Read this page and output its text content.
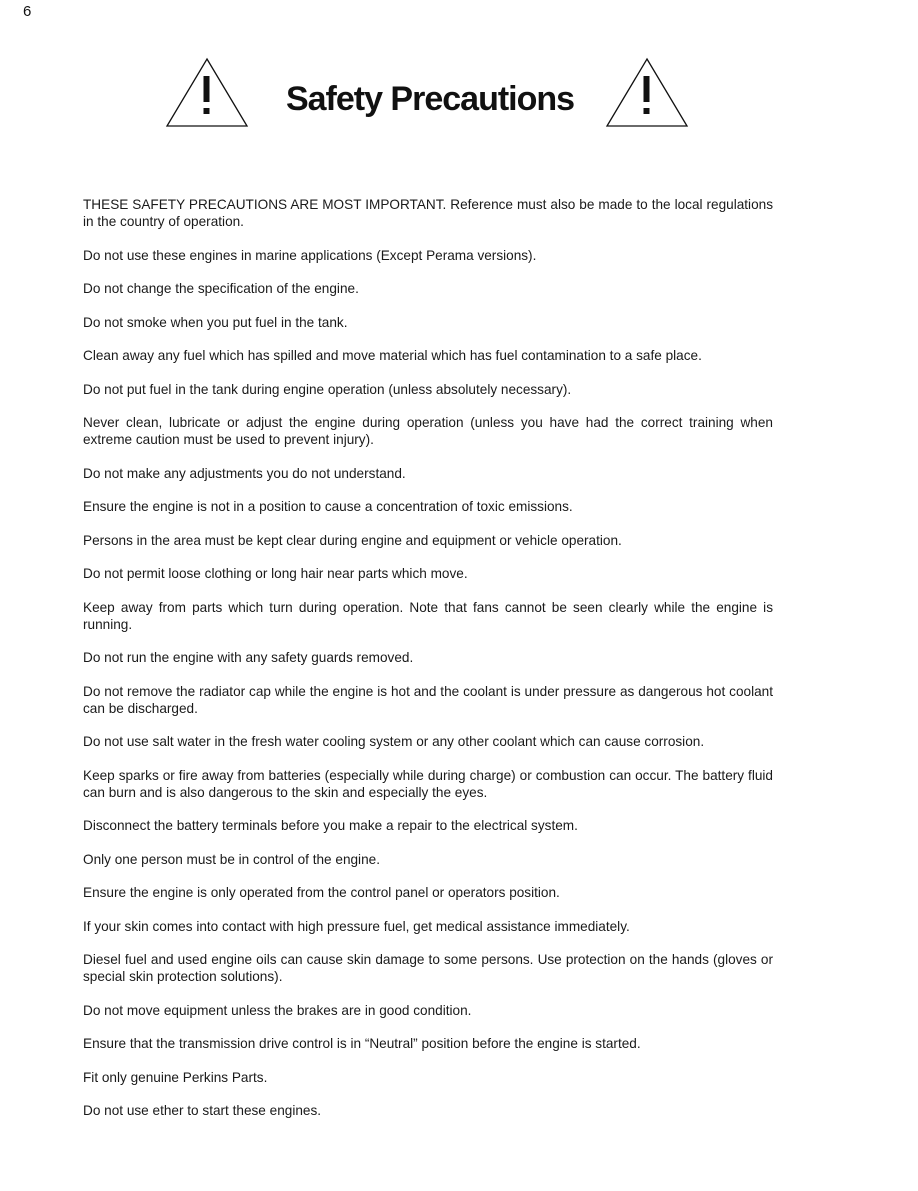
6
Safety Precautions

THESE SAFETY PRECAUTIONS ARE MOST IMPORTANT. Reference must also be made to the local regulations in the country of operation.

Do not use these engines in marine applications (Except Perama versions).

Do not change the specification of the engine.

Do not smoke when you put fuel in the tank.

Clean away any fuel which has spilled and move material which has fuel contamination to a safe place.

Do not put fuel in the tank during engine operation (unless absolutely necessary).

Never clean, lubricate or adjust the engine during operation (unless you have had the correct training when extreme caution must be used to prevent injury).

Do not make any adjustments you do not understand.

Ensure the engine is not in a position to cause a concentration of toxic emissions.

Persons in the area must be kept clear during engine and equipment or vehicle operation.

Do not permit loose clothing or long hair near parts which move.

Keep away from parts which turn during operation. Note that fans cannot be seen clearly while the engine is running.

Do not run the engine with any safety guards removed.

Do not remove the radiator cap while the engine is hot and the coolant is under pressure as dangerous hot coolant can be discharged.

Do not use salt water in the fresh water cooling system or any other coolant which can cause corrosion.

Keep sparks or fire away from batteries (especially while during charge) or combustion can occur. The battery fluid can burn and is also dangerous to the skin and especially the eyes.

Disconnect the battery terminals before you make a repair to the electrical system.

Only one person must be in control of the engine.

Ensure the engine is only operated from the control panel or operators position.

If your skin comes into contact with high pressure fuel, get medical assistance immediately.

Diesel fuel and used engine oils can cause skin damage to some persons. Use protection on the hands (gloves or special skin protection solutions).

Do not move equipment unless the brakes are in good condition.

Ensure that the transmission drive control is in “Neutral” position before the engine is started.

Fit only genuine Perkins Parts.

Do not use ether to start these engines.
